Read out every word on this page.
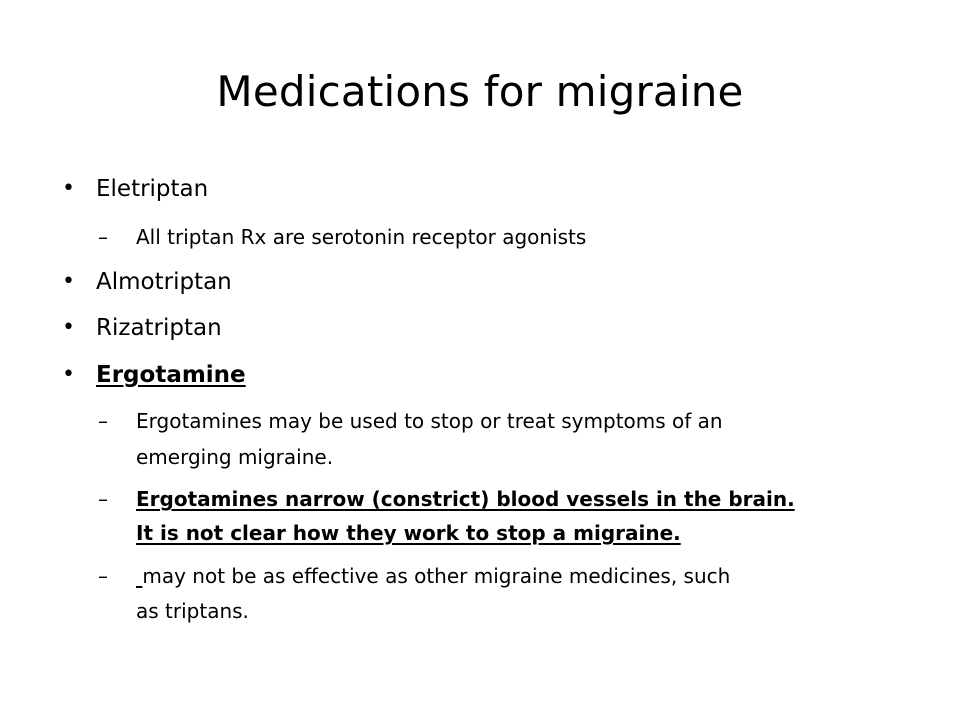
Medications for migraine
• Eletriptan
– All triptan Rx are serotonin receptor agonists
• Almotriptan
• Rizatriptan
• Ergotamine
– Ergotamines may be used to stop or treat symptoms of an
emerging migraine.
– Ergotamines narrow (constrict) blood vessels in the brain.
It is not clear how they work to stop a migraine.
–	may not be as effective as other migraine medicines, such
as triptans.
